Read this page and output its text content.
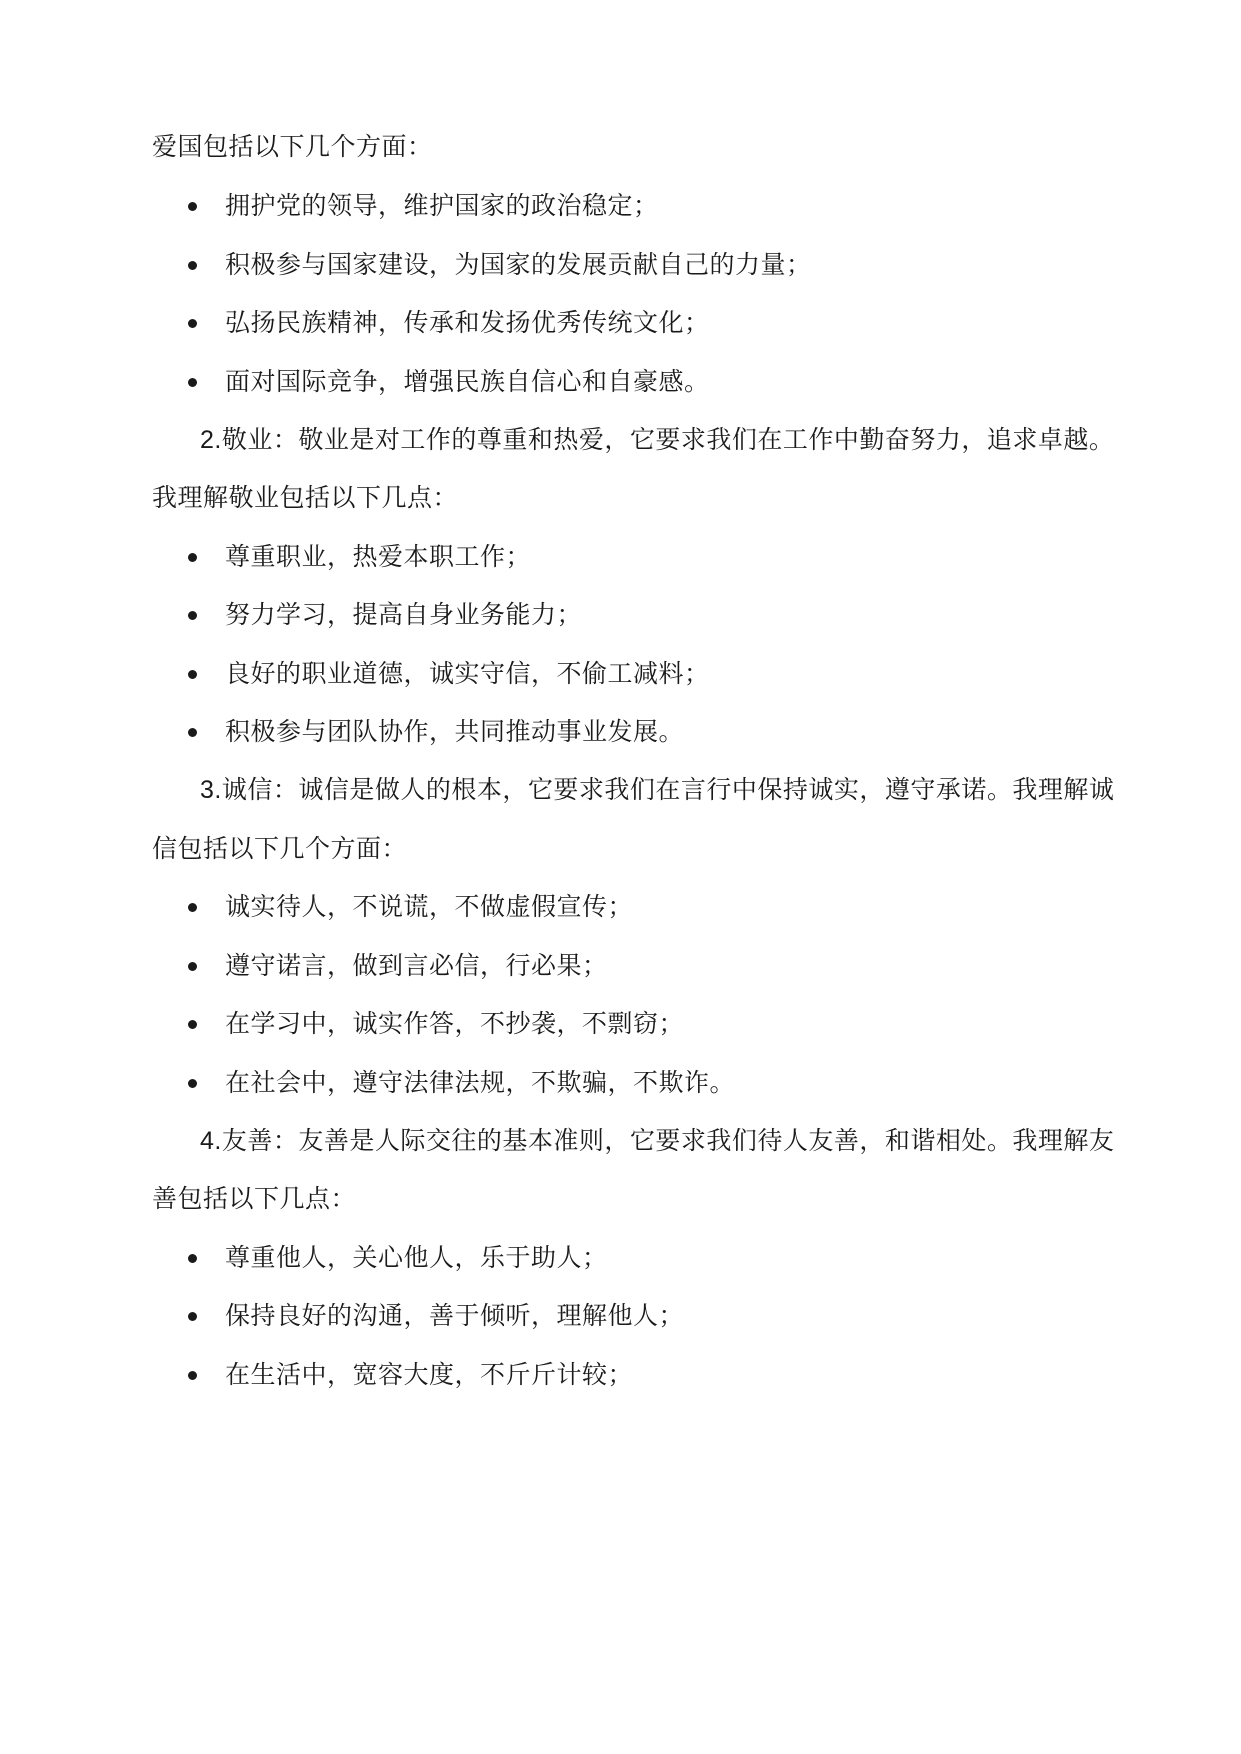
爱国包括以下几个方面：
拥护党的领导，维护国家的政治稳定；
积极参与国家建设，为国家的发展贡献自己的力量；
弘扬民族精神，传承和发扬优秀传统文化；
面对国际竞争，增强民族自信心和自豪感。
2.敬业：敬业是对工作的尊重和热爱，它要求我们在工作中勤奋努力，追求卓越。
我理解敬业包括以下几点：
尊重职业，热爱本职工作；
努力学习，提高自身业务能力；
良好的职业道德，诚实守信，不偷工减料；
积极参与团队协作，共同推动事业发展。
3.诚信：诚信是做人的根本，它要求我们在言行中保持诚实，遵守承诺。我理解诚
信包括以下几个方面：
诚实待人，不说谎，不做虚假宣传；
遵守诺言，做到言必信，行必果；
在学习中，诚实作答，不抄袭，不剽窃；
在社会中，遵守法律法规，不欺骗，不欺诈。
4.友善：友善是人际交往的基本准则，它要求我们待人友善，和谐相处。我理解友
善包括以下几点：
尊重他人，关心他人，乐于助人；
保持良好的沟通，善于倾听，理解他人；
在生活中，宽容大度，不斤斤计较；
